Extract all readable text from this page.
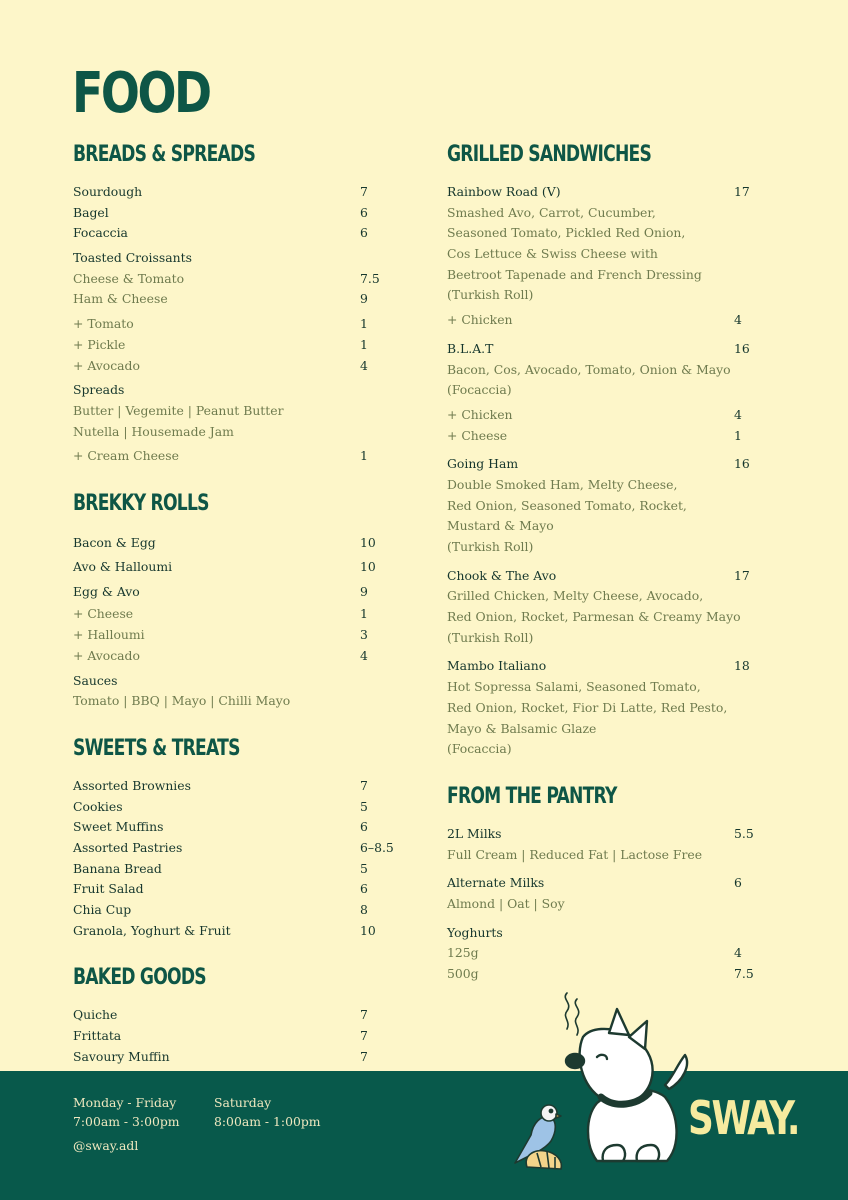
FOOD
BREADS & SPREADS
Sourdough	7
Bagel	6
Focaccia	6
Toasted Croissants
Cheese & Tomato	7.5
Ham & Cheese	9
+ Tomato	1
+ Pickle	1
+ Avocado	4
Spreads
Butter | Vegemite | Peanut Butter
Nutella | Housemade Jam
+ Cream Cheese	1
BREKKY ROLLS
Bacon & Egg	10
Avo & Halloumi	10
Egg & Avo	9
+ Cheese	1
+ Halloumi	3
+ Avocado	4
Sauces
Tomato | BBQ | Mayo | Chilli Mayo
SWEETS & TREATS
Assorted Brownies	7
Cookies	5
Sweet Muffins	6
Assorted Pastries	6–8.5
Banana Bread	5
Fruit Salad	6
Chia Cup	8
Granola, Yoghurt & Fruit	10
BAKED GOODS
Quiche	7
Frittata	7
Savoury Muffin	7
GRILLED SANDWICHES
Rainbow Road (V)	17
Smashed Avo, Carrot, Cucumber,
Seasoned Tomato, Pickled Red Onion,
Cos Lettuce & Swiss Cheese with
Beetroot Tapenade and French Dressing
(Turkish Roll)
+ Chicken	4
B.L.A.T	16
Bacon, Cos, Avocado, Tomato, Onion & Mayo
(Focaccia)
+ Chicken	4
+ Cheese	1
Going Ham	16
Double Smoked Ham, Melty Cheese,
Red Onion, Seasoned Tomato, Rocket,
Mustard & Mayo
(Turkish Roll)
Chook & The Avo	17
Grilled Chicken, Melty Cheese, Avocado,
Red Onion, Rocket, Parmesan & Creamy Mayo
(Turkish Roll)
Mambo Italiano	18
Hot Sopressa Salami, Seasoned Tomato,
Red Onion, Rocket, Fior Di Latte, Red Pesto,
Mayo & Balsamic Glaze
(Focaccia)
FROM THE PANTRY
2L Milks	5.5
Full Cream | Reduced Fat | Lactose Free
Alternate Milks	6
Almond | Oat | Soy
Yoghurts
125g	4
500g	7.5
Monday - Friday
7:00am - 3:00pm
Saturday
8:00am - 1:00pm
@sway.adl
SWAY.
